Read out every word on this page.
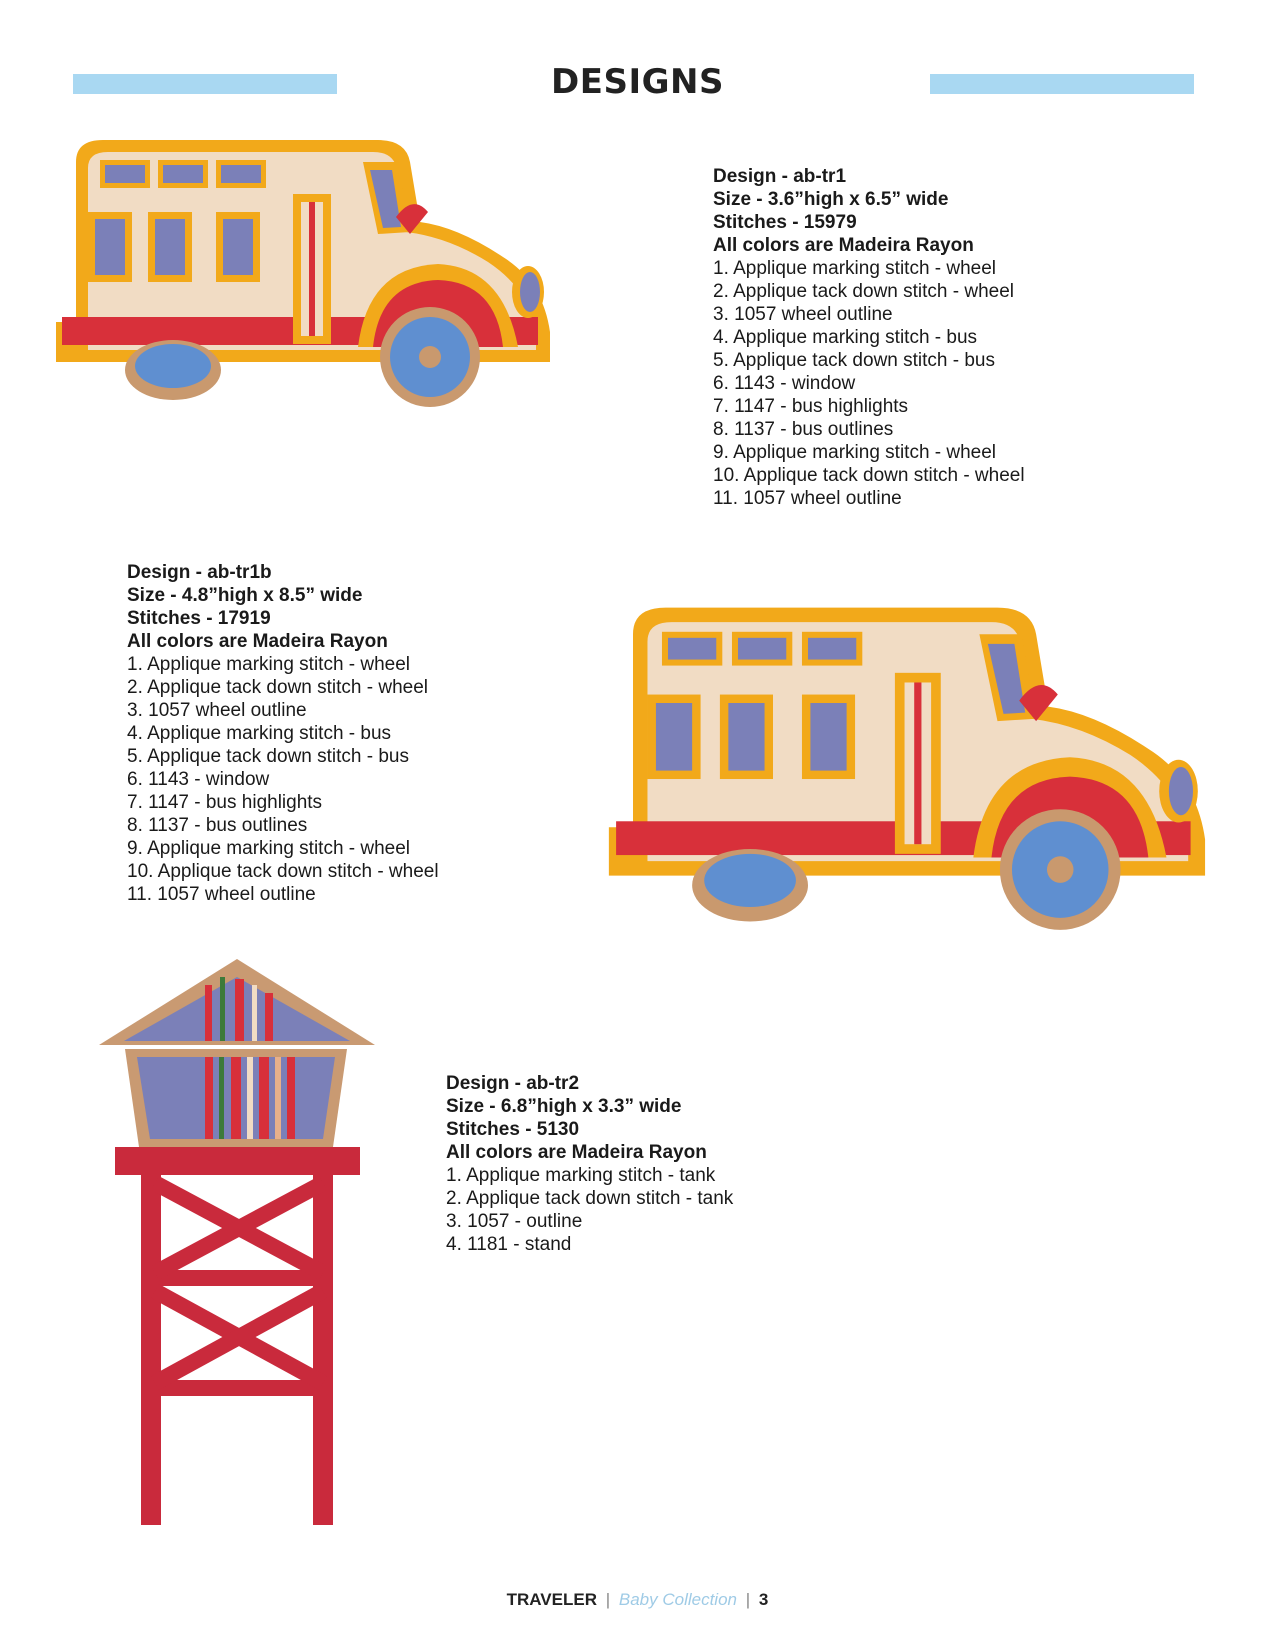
DESIGNS
Design - ab-tr1
Size - 3.6”high x 6.5” wide
Stitches - 15979
All colors are Madeira Rayon
1. Applique marking stitch - wheel
2. Applique tack down stitch - wheel
3. 1057 wheel outline
4. Applique marking stitch - bus
5. Applique tack down stitch - bus
6. 1143 - window
7. 1147 - bus highlights
8. 1137 - bus outlines
9. Applique marking stitch - wheel
10. Applique tack down stitch - wheel
11. 1057 wheel outline
Design - ab-tr1b
Size - 4.8”high x 8.5” wide
Stitches - 17919
All colors are Madeira Rayon
1. Applique marking stitch - wheel
2. Applique tack down stitch - wheel
3. 1057 wheel outline
4. Applique marking stitch - bus
5. Applique tack down stitch - bus
6. 1143 - window
7. 1147 - bus highlights
8. 1137 - bus outlines
9. Applique marking stitch - wheel
10. Applique tack down stitch - wheel
11. 1057 wheel outline
Design - ab-tr2
Size - 6.8”high x 3.3” wide
Stitches - 5130
All colors are Madeira Rayon
1. Applique marking stitch - tank
2. Applique tack down stitch - tank
3. 1057 - outline
4. 1181 - stand
TRAVELER | Baby Collection | 3
